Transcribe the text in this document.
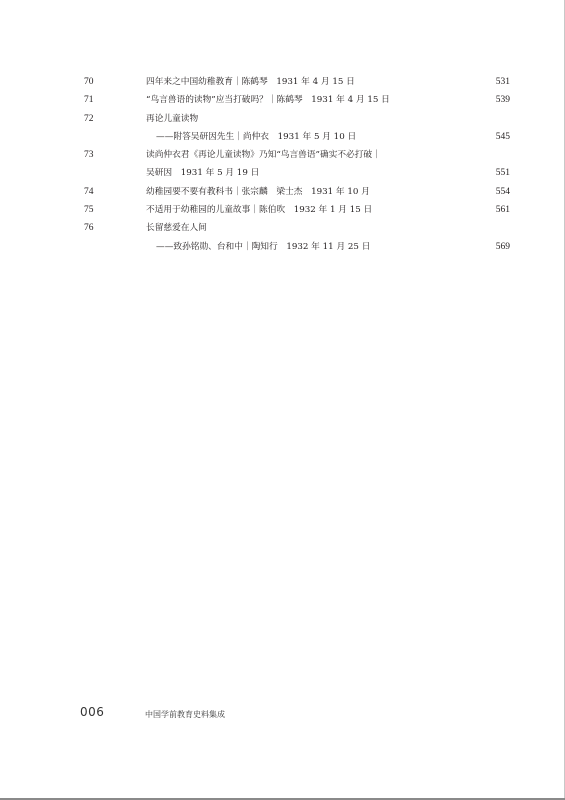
70	四年来之中国幼稚教育｜陈鹤琴　1931 年 4 月 15 日	531
71	“鸟言兽语的读物”应当打破吗？｜陈鹤琴　1931 年 4 月 15 日	539
72	再论儿童读物
——附答吴研因先生｜尚仲衣　1931 年 5 月 10 日	545
73	读尚仲衣君《再论儿童读物》乃知“鸟言兽语”确实不必打破｜
吴研因　1931 年 5 月 19 日	551
74	幼稚园要不要有教科书｜张宗麟　梁士杰　1931 年 10 月	554
75	不适用于幼稚园的儿童故事｜陈伯吹　1932 年 1 月 15 日	561
76	长留慈爱在人间
——致孙铭勋、台和中｜陶知行　1932 年 11 月 25 日	569
006	中国学前教育史料集成
